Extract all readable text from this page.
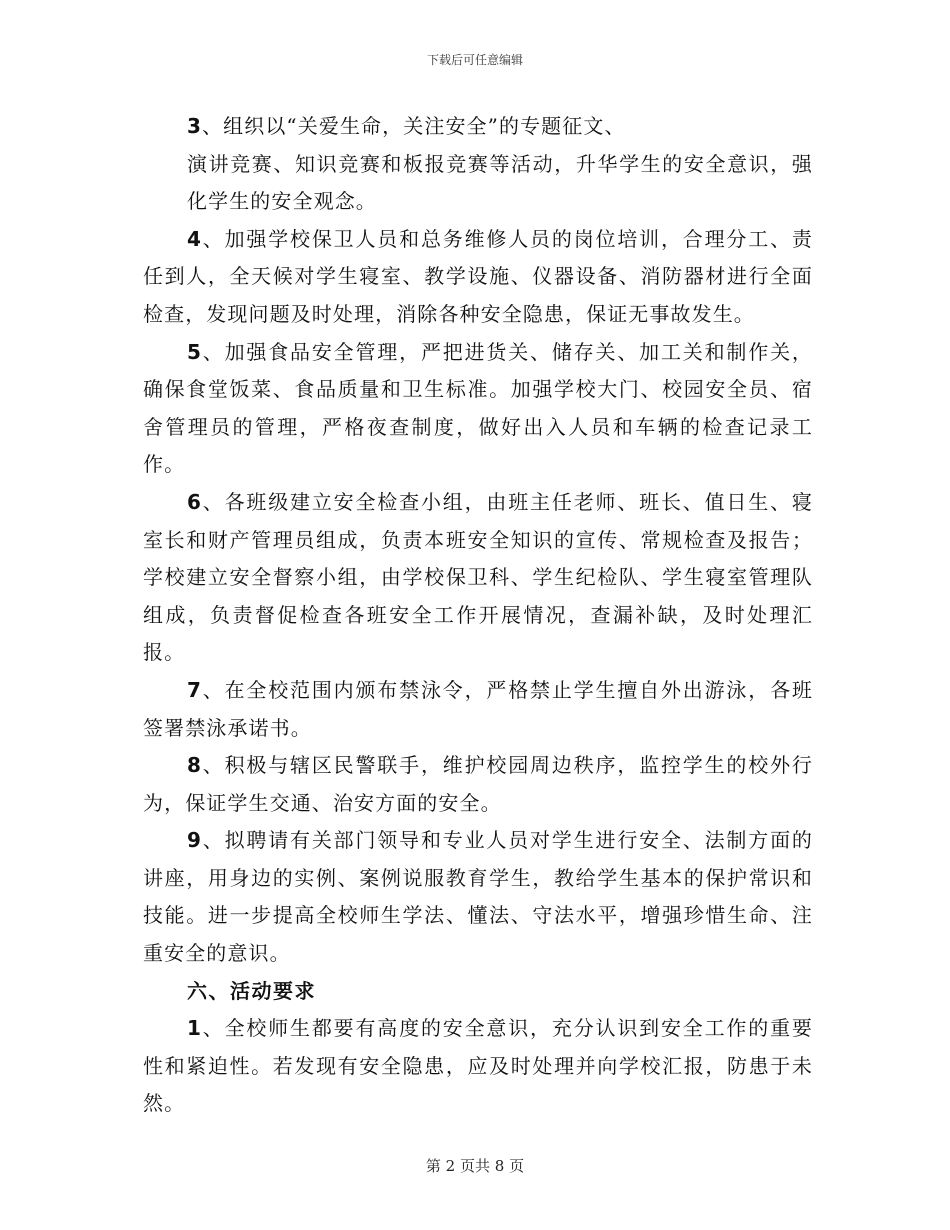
下载后可任意编辑

3、组织以“关爱生命，关注安全”的专题征文、
演讲竞赛、知识竞赛和板报竞赛等活动，升华学生的安全意识，强化学生的安全观念。

4、加强学校保卫人员和总务维修人员的岗位培训，合理分工、责任到人，全天候对学生寝室、教学设施、仪器设备、消防器材进行全面检查，发现问题及时处理，消除各种安全隐患，保证无事故发生。

5、加强食品安全管理，严把进货关、储存关、加工关和制作关，确保食堂饭菜、食品质量和卫生标准。加强学校大门、校园安全员、宿舍管理员的管理，严格夜查制度，做好出入人员和车辆的检查记录工作。

6、各班级建立安全检查小组，由班主任老师、班长、值日生、寝室长和财产管理员组成，负责本班安全知识的宣传、常规检查及报告；学校建立安全督察小组，由学校保卫科、学生纪检队、学生寝室管理队组成，负责督促检查各班安全工作开展情况，查漏补缺，及时处理汇报。

7、在全校范围内颁布禁泳令，严格禁止学生擅自外出游泳，各班签署禁泳承诺书。

8、积极与辖区民警联手，维护校园周边秩序，监控学生的校外行为，保证学生交通、治安方面的安全。

9、拟聘请有关部门领导和专业人员对学生进行安全、法制方面的讲座，用身边的实例、案例说服教育学生，教给学生基本的保护常识和技能。进一步提高全校师生学法、懂法、守法水平，增强珍惜生命、注重安全的意识。

六、活动要求

1、全校师生都要有高度的安全意识，充分认识到安全工作的重要性和紧迫性。若发现有安全隐患，应及时处理并向学校汇报，防患于未然。

第 2 页共 8 页
